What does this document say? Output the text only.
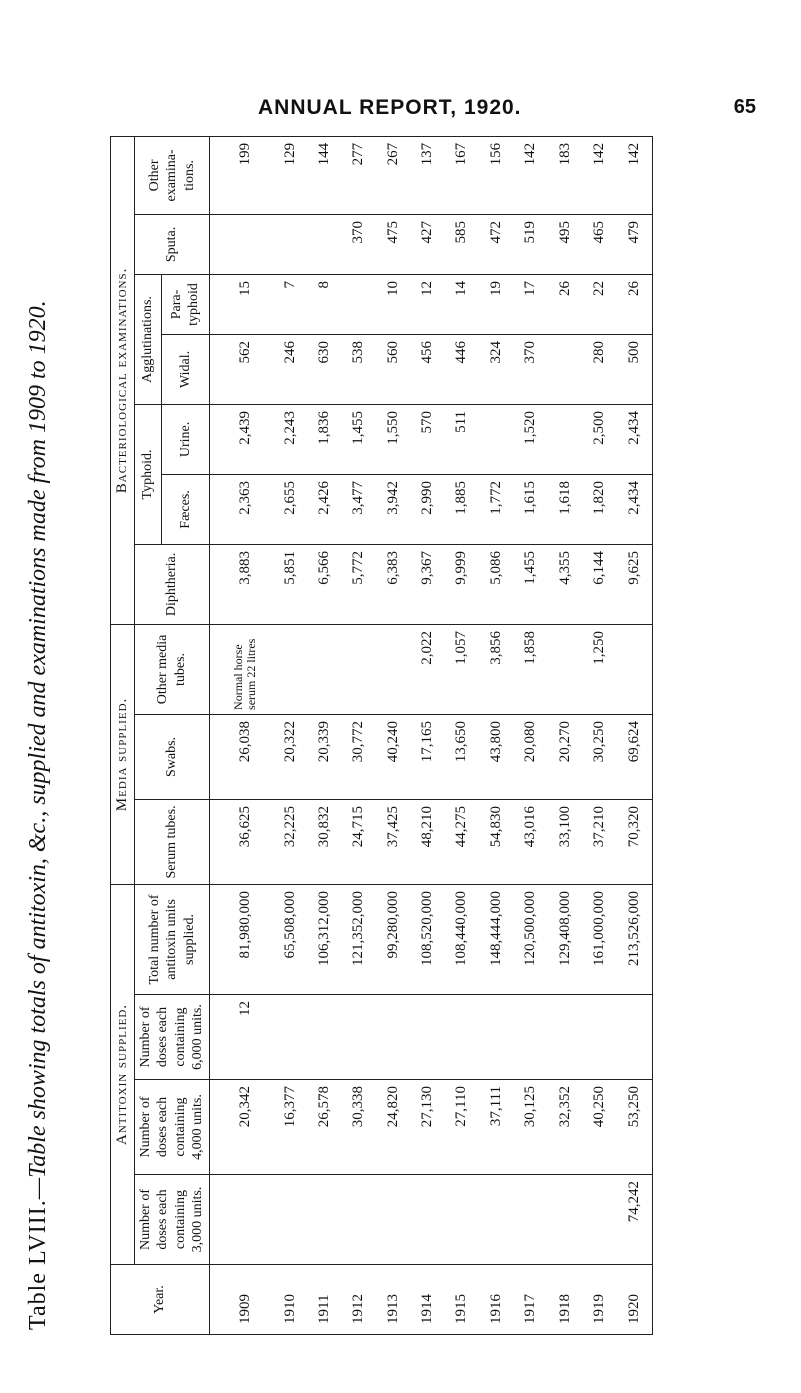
ANNUAL REPORT, 1920.	65
Table LVIII.—Table showing totals of antitoxin, &c., supplied and examinations made from 1909 to 1920.
Year.	Antitoxin supplied.				Media supplied.			Bacteriological examinations.						
	Number of doses each containing 3,000 units.	Number of doses each containing 4,000 units.	Number of doses each containing 6,000 units.	Total number of antitoxin units supplied.	Serum tubes.	Swabs.	Other media tubes.	Diphtheria.	Typhoid.		Agglutinations.		Sputa.	Other examina-tions.
									Fæces.	Urine.	Widal.	Para-typhoid		
1909		20,342	12	81,980,000	36,625	26,038	Normal horse serum 22 litres	3,883	2,363	2,439	562	15		199
1910		16,377		65,508,000	32,225	20,322		5,851	2,655	2,243	246	7		129
1911		26,578		106,312,000	30,832	20,339		6,566	2,426	1,836	630	8		144
1912		30,338		121,352,000	24,715	30,772		5,772	3,477	1,455	538		370	277
1913		24,820		99,280,000	37,425	40,240		6,383	3,942	1,550	560	10	475	267
1914		27,130		108,520,000	48,210	17,165	2,022	9,367	2,990	570	456	12	427	137
1915		27,110		108,440,000	44,275	13,650	1,057	9,999	1,885	511	446	14	585	167
1916		37,111		148,444,000	54,830	43,800	3,856	5,086	1,772		324	19	472	156
1917		30,125		120,500,000	43,016	20,080	1,858	1,455	1,615	1,520	370	17	519	142
1918		32,352		129,408,000	33,100	20,270		4,355	1,618			26	495	183
1919		40,250		161,000,000	37,210	30,250	1,250	6,144	1,820	2,500	280	22	465	142
1920	74,242	53,250		213,526,000	70,320	69,624		9,625	2,434	2,434	500	26	479	142
